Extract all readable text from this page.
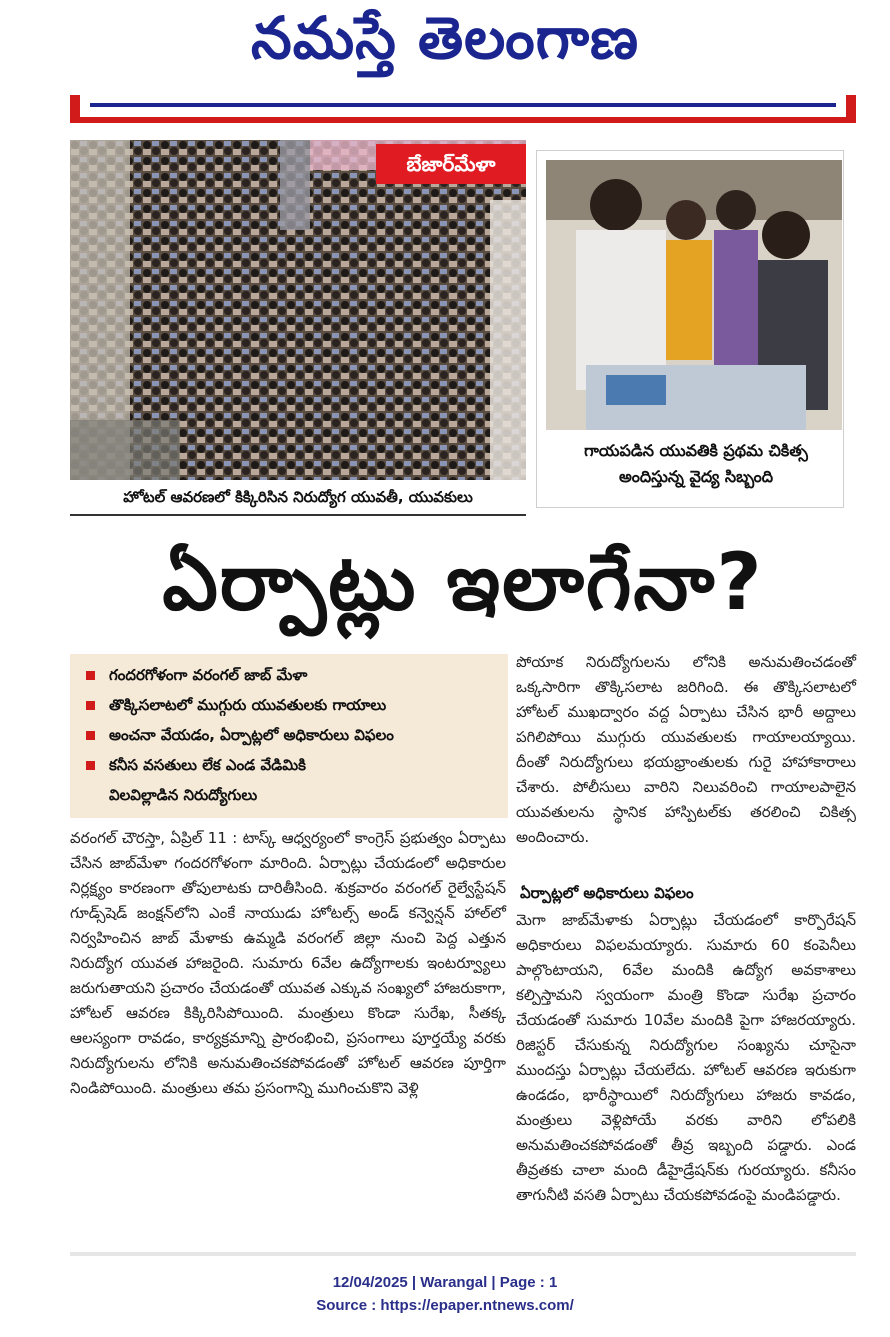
నమస్తే తెలంగాణ
బేజార్‌మేళా
గాయపడిన యువతికి ప్రథమ చికిత్స
అందిస్తున్న వైద్య సిబ్బంది
హోటల్ ఆవరణలో కిక్కిరిసిన నిరుద్యోగ యువతీ, యువకులు
ఏర్పాట్లు ఇలాగేనా?
గందరగోళంగా వరంగల్ జాబ్ మేళా
తొక్కిసలాటలో ముగ్గురు యువతులకు గాయాలు
అంచనా వేయడం, ఏర్పాట్లలో అధికారులు విఫలం
కనీస వసతులు లేక ఎండ వేడిమికి
విలవిల్లాడిన నిరుద్యోగులు

వరంగల్ చౌరస్తా, ఏప్రిల్ 11 : టాస్క్ ఆధ్వర్యంలో కాంగ్రెస్ ప్రభుత్వం ఏర్పాటు చేసిన జాబ్‌మేళా గందరగోళంగా మారింది. ఏర్పాట్లు చేయడంలో అధికారుల నిర్లక్ష్యం కారణంగా తోపులాటకు దారితీసింది. శుక్రవారం వరంగల్ రైల్వేస్టేషన్ గూడ్స్‌షెడ్ జంక్షన్‌లోని ఎంకే నాయుడు హోటల్స్ అండ్ కన్వెన్షన్ హాల్‌లో నిర్వహించిన జాబ్ మేళాకు ఉమ్మడి వరంగల్ జిల్లా నుంచి పెద్ద ఎత్తున నిరుద్యోగ యువత హాజరైంది. సుమారు 6వేల ఉద్యోగాలకు ఇంటర్వ్యూలు జరుగుతాయని ప్రచారం చేయడంతో యువత ఎక్కువ సంఖ్యలో హాజరుకాగా, హోటల్ ఆవరణ కిక్కిరిసిపోయింది. మంత్రులు కొండా సురేఖ, సీతక్క ఆలస్యంగా రావడం, కార్యక్రమాన్ని ప్రారంభించి, ప్రసంగాలు పూర్తయ్యే వరకు నిరుద్యోగులను లోనికి అనుమతించకపోవడంతో హోటల్ ఆవరణ పూర్తిగా నిండిపోయింది. మంత్రులు తమ ప్రసంగాన్ని ముగించుకొని వెళ్లి

పోయాక నిరుద్యోగులను లోనికి అనుమతించడంతో ఒక్కసారిగా తొక్కిసలాట జరిగింది. ఈ తొక్కిసలాటలో హోటల్ ముఖద్వారం వద్ద ఏర్పాటు చేసిన భారీ అద్దాలు పగిలిపోయి ముగ్గురు యువతులకు గాయాలయ్యాయి. దీంతో నిరుద్యోగులు భయభ్రాంతులకు గురై హాహాకారాలు చేశారు. పోలీసులు వారిని నిలువరించి గాయాలపాలైన యువతులను స్థానిక హాస్పిటల్‌కు తరలించి చికిత్స అందించారు.

ఏర్పాట్లలో అధికారులు విఫలం

మెగా జాబ్‌మేళాకు ఏర్పాట్లు చేయడంలో కార్పొరేషన్ అధికారులు విఫలమయ్యారు. సుమారు 60 కంపెనీలు పాల్గొంటాయని, 6వేల మందికి ఉద్యోగ అవకాశాలు కల్పిస్తామని స్వయంగా మంత్రి కొండా సురేఖ ప్రచారం చేయడంతో సుమారు 10వేల మందికి పైగా హాజరయ్యారు. రిజిస్టర్ చేసుకున్న నిరుద్యోగుల సంఖ్యను చూసైనా ముందస్తు ఏర్పాట్లు చేయలేదు. హోటల్ ఆవరణ ఇరుకుగా ఉండడం, భారీస్థాయిలో నిరుద్యోగులు హాజరు కావడం, మంత్రులు వెళ్లిపోయే వరకు వారిని లోపలికి అనుమతించకపోవడంతో తీవ్ర ఇబ్బంది పడ్డారు. ఎండ తీవ్రతకు చాలా మంది డీహైడ్రేషన్‌కు గురయ్యారు. కనీసం తాగునీటి వసతి ఏర్పాటు చేయకపోవడంపై మండిపడ్డారు.

12/04/2025 | Warangal | Page : 1
Source : https://epaper.ntnews.com/
